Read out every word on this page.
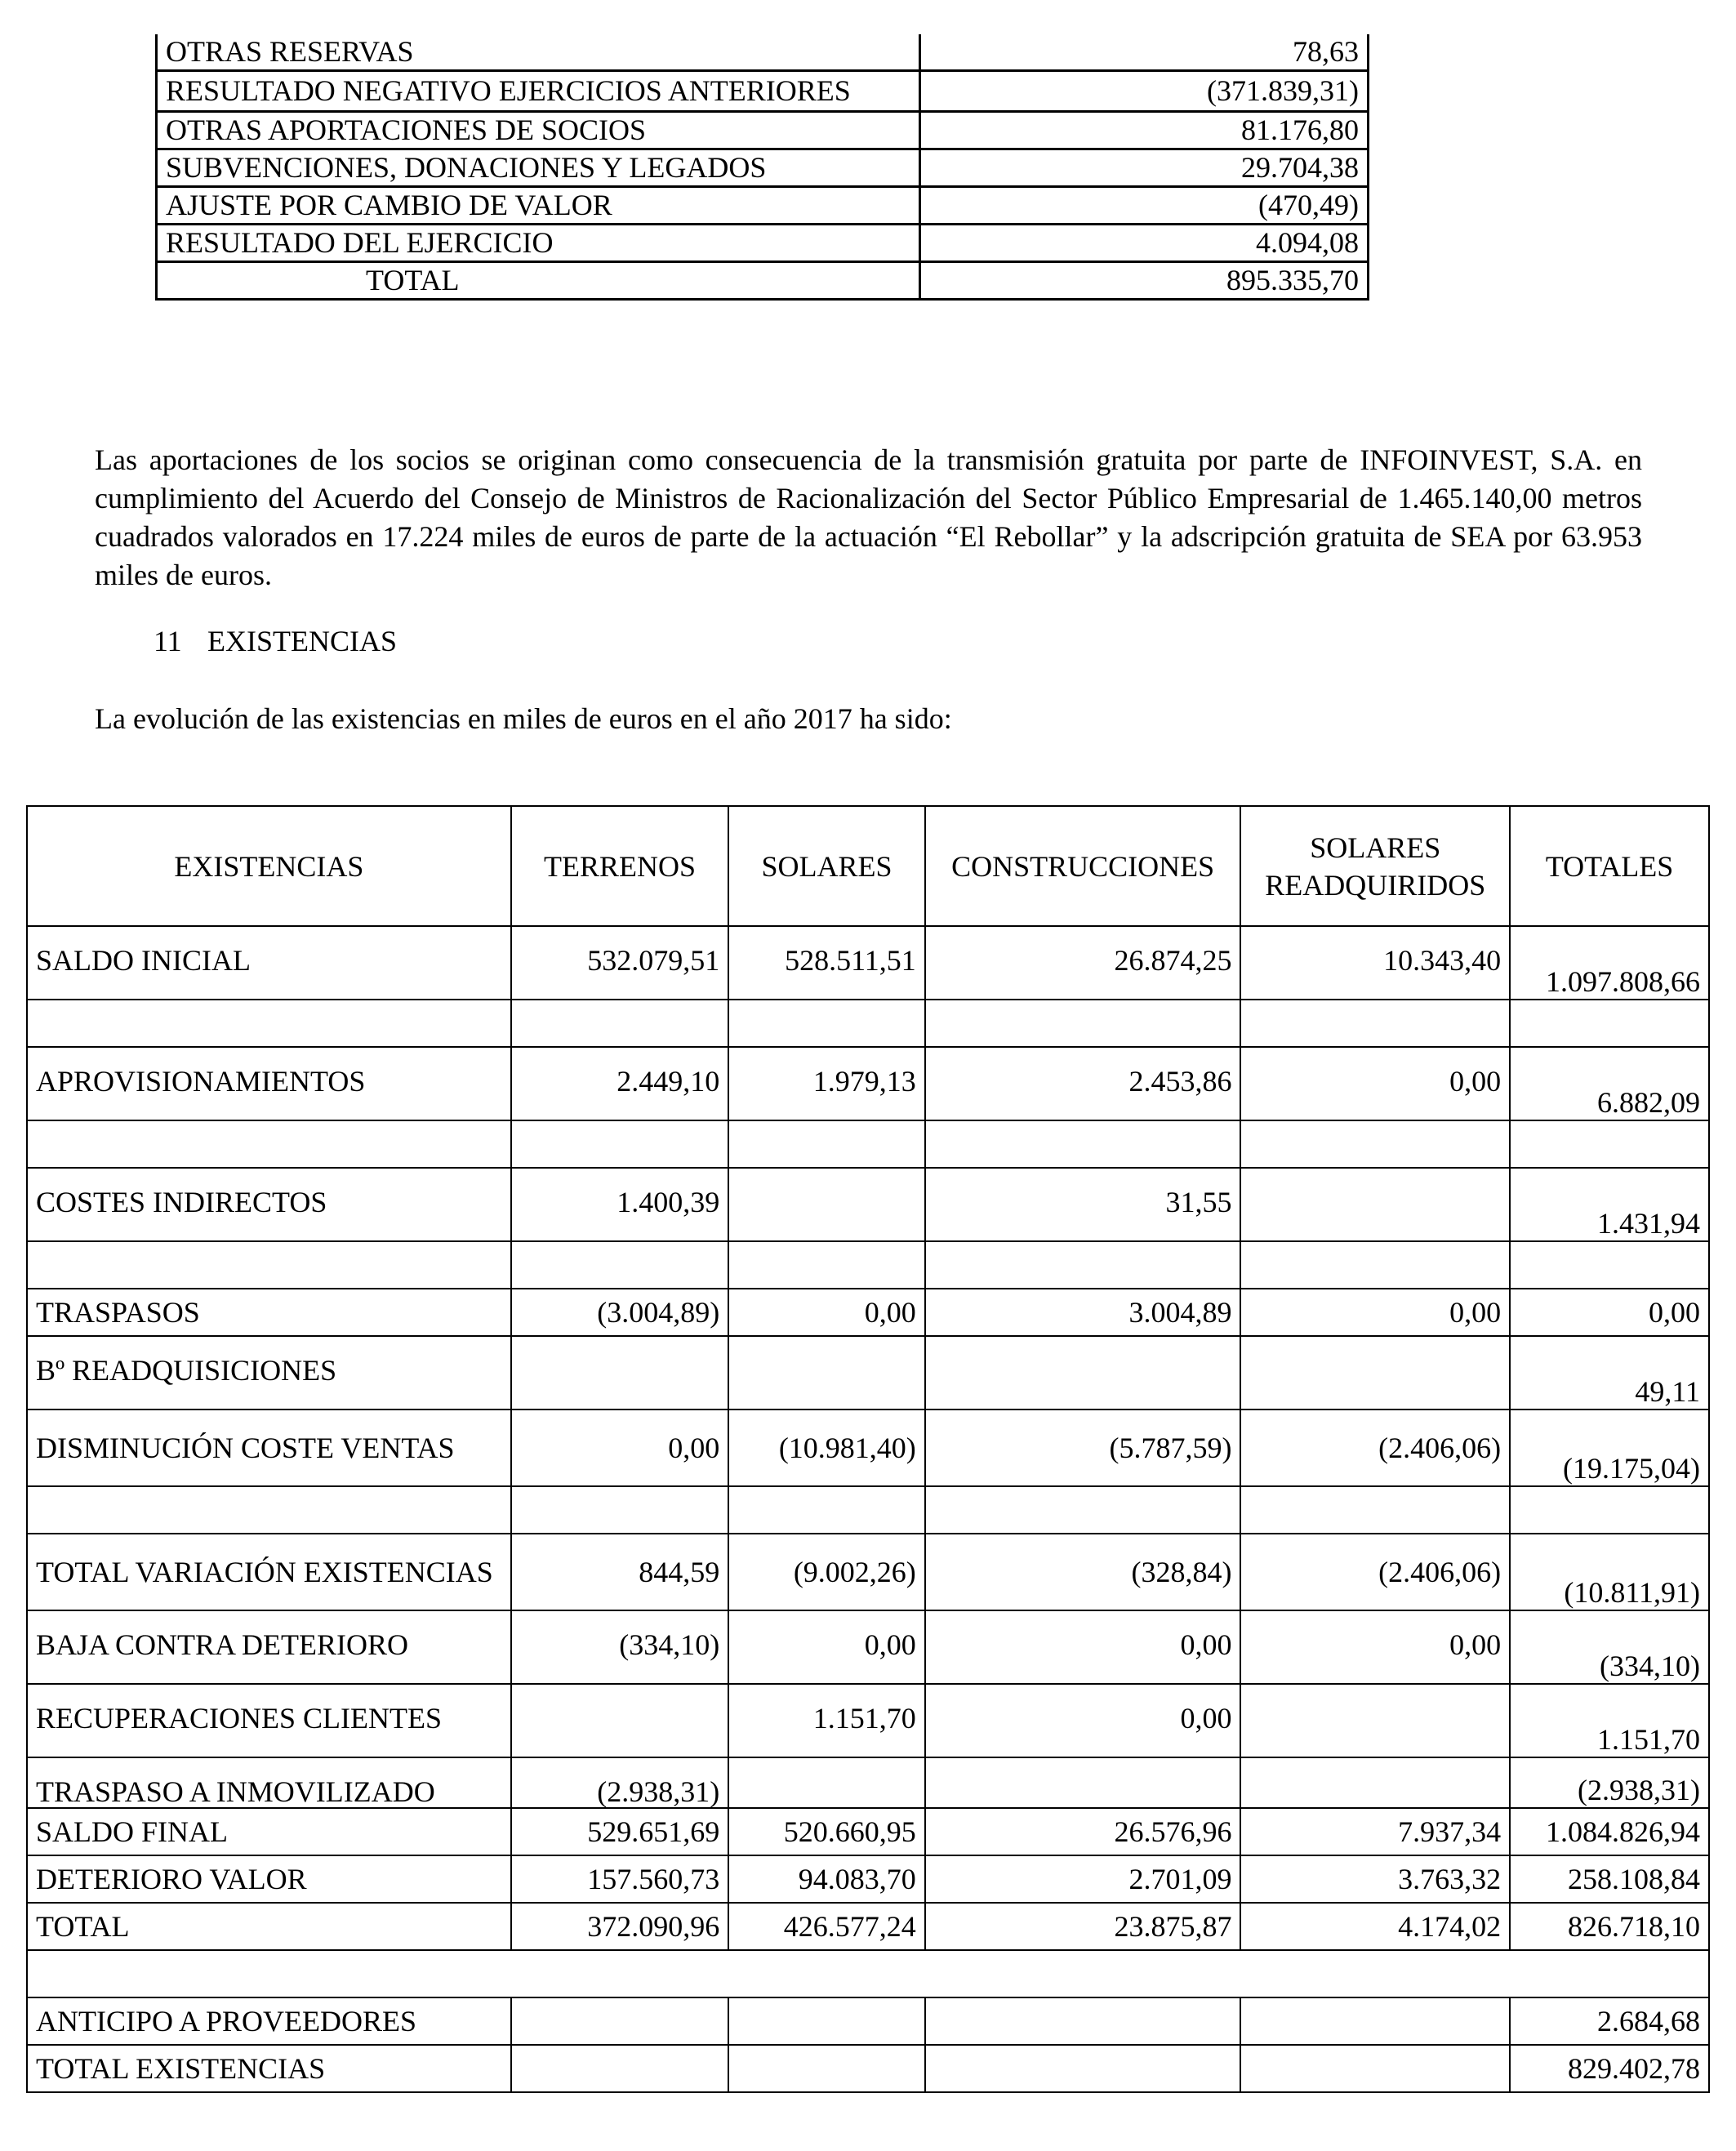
OTRAS RESERVAS	78,63
RESULTADO NEGATIVO EJERCICIOS ANTERIORES	(371.839,31)
OTRAS APORTACIONES DE SOCIOS	81.176,80
SUBVENCIONES, DONACIONES Y LEGADOS	29.704,38
AJUSTE POR CAMBIO DE VALOR	(470,49)
RESULTADO DEL EJERCICIO	4.094,08
TOTAL	895.335,70

Las aportaciones de los socios se originan como consecuencia de la transmisión gratuita por parte de INFOINVEST, S.A. en cumplimiento del Acuerdo del Consejo de Ministros de Racionalización del Sector Público Empresarial de 1.465.140,00 metros cuadrados valorados en 17.224 miles de euros de parte de la actuación “El Rebollar” y la adscripción gratuita de SEA por 63.953 miles de euros.

11 EXISTENCIAS

La evolución de las existencias en miles de euros en el año 2017 ha sido:

EXISTENCIAS	TERRENOS	SOLARES	CONSTRUCCIONES	SOLARES READQUIRIDOS	TOTALES
SALDO INICIAL	532.079,51	528.511,51	26.874,25	10.343,40	1.097.808,66

APROVISIONAMIENTOS	2.449,10	1.979,13	2.453,86	0,00	6.882,09

COSTES INDIRECTOS	1.400,39		31,55		1.431,94

TRASPASOS	(3.004,89)	0,00	3.004,89	0,00	0,00
Bº READQUISICIONES					49,11
DISMINUCIÓN COSTE VENTAS	0,00	(10.981,40)	(5.787,59)	(2.406,06)	(19.175,04)

TOTAL VARIACIÓN EXISTENCIAS	844,59	(9.002,26)	(328,84)	(2.406,06)	(10.811,91)
BAJA CONTRA DETERIORO	(334,10)	0,00	0,00	0,00	(334,10)
RECUPERACIONES CLIENTES		1.151,70	0,00		1.151,70
TRASPASO A INMOVILIZADO	(2.938,31)				(2.938,31)
SALDO FINAL	529.651,69	520.660,95	26.576,96	7.937,34	1.084.826,94
DETERIORO VALOR	157.560,73	94.083,70	2.701,09	3.763,32	258.108,84
TOTAL	372.090,96	426.577,24	23.875,87	4.174,02	826.718,10

ANTICIPO A PROVEEDORES					2.684,68
TOTAL EXISTENCIAS					829.402,78
